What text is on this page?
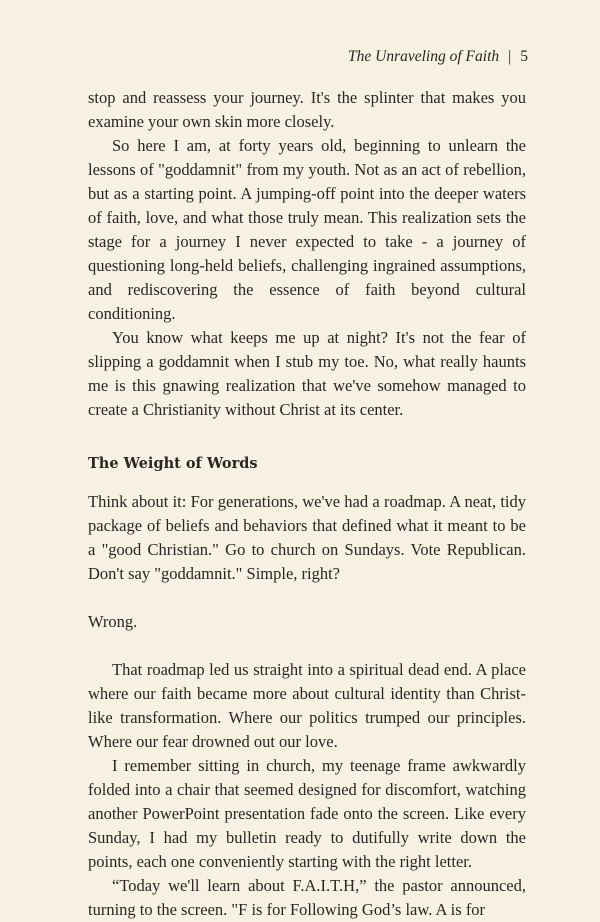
The Unraveling of Faith | 5

stop and reassess your journey. It's the splinter that makes you examine your own skin more closely.

So here I am, at forty years old, beginning to unlearn the lessons of "goddamnit" from my youth. Not as an act of rebellion, but as a starting point. A jumping-off point into the deeper waters of faith, love, and what those truly mean. This realization sets the stage for a journey I never expected to take - a journey of questioning long-held beliefs, challenging ingrained assumptions, and rediscovering the essence of faith beyond cultural conditioning.

You know what keeps me up at night? It's not the fear of slipping a goddamnit when I stub my toe. No, what really haunts me is this gnawing realization that we've somehow managed to create a Christianity without Christ at its center.

The Weight of Words

Think about it: For generations, we've had a roadmap. A neat, tidy package of beliefs and behaviors that defined what it meant to be a "good Christian." Go to church on Sundays. Vote Republican. Don't say "goddamnit." Simple, right?

Wrong.

That roadmap led us straight into a spiritual dead end. A place where our faith became more about cultural identity than Christ-like transformation. Where our politics trumped our principles. Where our fear drowned out our love.

I remember sitting in church, my teenage frame awkwardly folded into a chair that seemed designed for discomfort, watching another PowerPoint presentation fade onto the screen. Like every Sunday, I had my bulletin ready to dutifully write down the points, each one conveniently starting with the right letter.

“Today we'll learn about F.A.I.T.H,” the pastor announced, turning to the screen. "F is for Following God’s law. A is for
